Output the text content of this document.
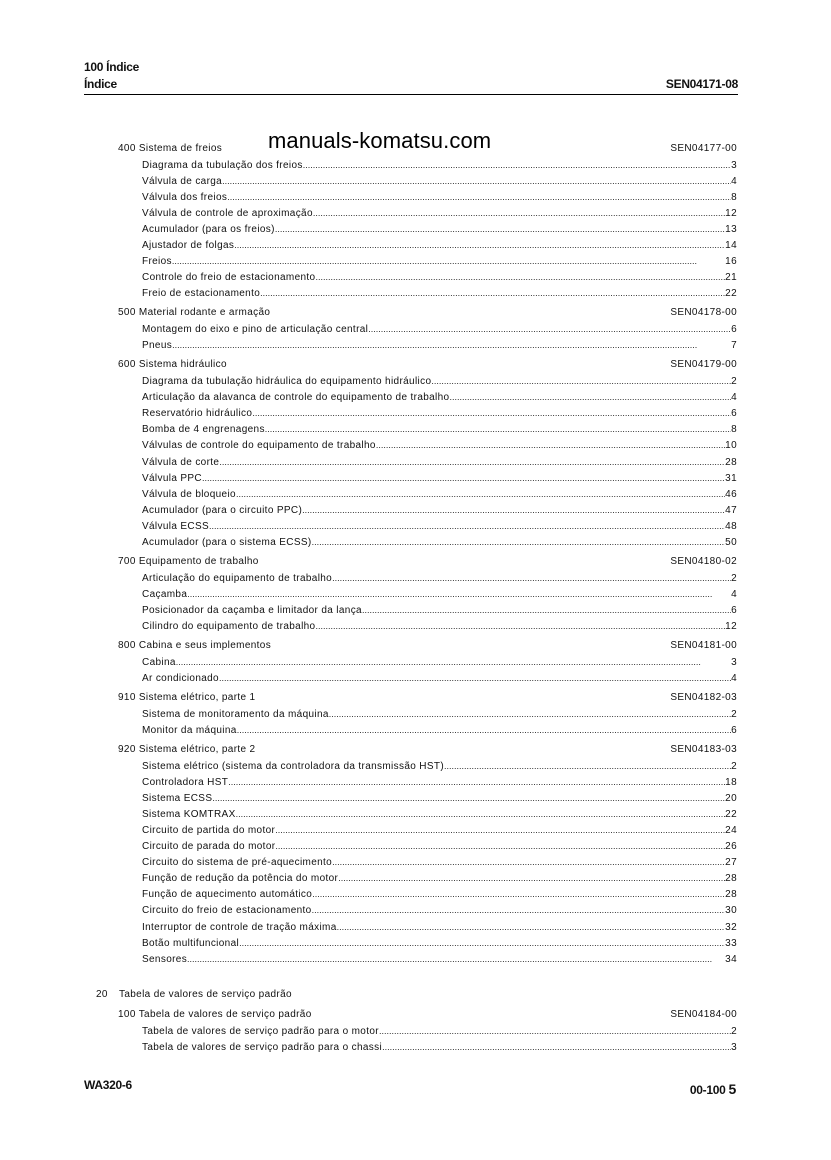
100 Índice
Índice	SEN04171-08
manuals-komatsu.com
400 Sistema de freios	SEN04177-00
Diagrama da tubulação dos freios .....	3
Válvula de carga .....	4
Válvula dos freios .....	8
Válvula de controle de aproximação .....	12
Acumulador (para os freios) .....	13
Ajustador de folgas .....	14
Freios .....	16
Controle do freio de estacionamento .....	21
Freio de estacionamento .....	22
500 Material rodante e armação	SEN04178-00
Montagem do eixo e pino de articulação central .....	6
Pneus .....	7
600 Sistema hidráulico	SEN04179-00
Diagrama da tubulação hidráulica do equipamento hidráulico .....	2
Articulação da alavanca de controle do equipamento de trabalho .....	4
Reservatório hidráulico .....	6
Bomba de 4 engrenagens .....	8
Válvulas de controle do equipamento de trabalho .....	10
Válvula de corte .....	28
Válvula PPC .....	31
Válvula de bloqueio .....	46
Acumulador (para o circuito PPC) .....	47
Válvula ECSS .....	48
Acumulador (para o sistema ECSS) .....	50
700 Equipamento de trabalho	SEN04180-02
Articulação do equipamento de trabalho .....	2
Caçamba .....	4
Posicionador da caçamba e limitador da lança .....	6
Cilindro do equipamento de trabalho .....	12
800 Cabina e seus implementos	SEN04181-00
Cabina .....	3
Ar condicionado .....	4
910 Sistema elétrico, parte 1	SEN04182-03
Sistema de monitoramento da máquina .....	2
Monitor da máquina .....	6
920 Sistema elétrico, parte 2	SEN04183-03
Sistema elétrico (sistema da controladora da transmissão HST) .....	2
Controladora HST .....	18
Sistema ECSS .....	20
Sistema KOMTRAX .....	22
Circuito de partida do motor .....	24
Circuito de parada do motor .....	26
Circuito do sistema de pré-aquecimento .....	27
Função de redução da potência do motor .....	28
Função de aquecimento automático .....	28
Circuito do freio de estacionamento .....	30
Interruptor de controle de tração máxima .....	32
Botão multifuncional .....	33
Sensores .....	34
20	Tabela de valores de serviço padrão
100 Tabela de valores de serviço padrão	SEN04184-00
Tabela de valores de serviço padrão para o motor .....	2
Tabela de valores de serviço padrão para o chassi .....	3
WA320-6	00-100 5
